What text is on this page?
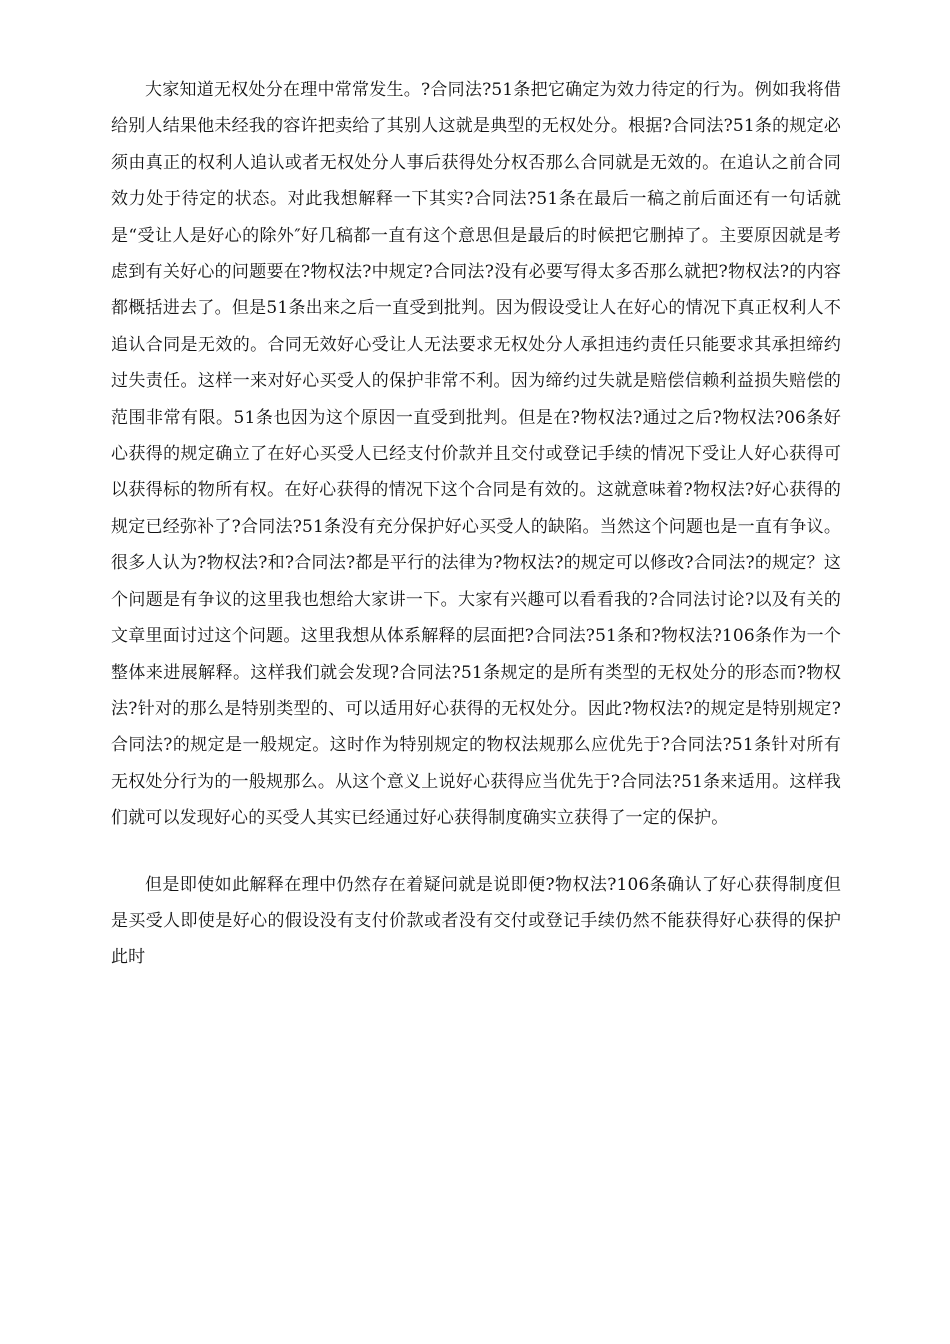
大家知道无权处分在理中常常发生。?合同法?51条把它确定为效力待定的行为。例如我将借给别人结果他未经我的容许把卖给了其别人这就是典型的无权处分。根据?合同法?51条的规定必须由真正的权利人追认或者无权处分人事后获得处分权否那么合同就是无效的。在追认之前合同效力处于待定的状态。对此我想解释一下其实?合同法?51条在最后一稿之前后面还有一句话就是“受让人是好心的除外″好几稿都一直有这个意思但是最后的时候把它删掉了。主要原因就是考虑到有关好心的问题要在?物权法?中规定?合同法?没有必要写得太多否那么就把?物权法?的内容都概括进去了。但是51条出来之后一直受到批判。因为假设受让人在好心的情况下真正权利人不追认合同是无效的。合同无效好心受让人无法要求无权处分人承担违约责任只能要求其承担缔约过失责任。这样一来对好心买受人的保护非常不利。因为缔约过失就是赔偿信赖利益损失赔偿的范围非常有限。51条也因为这个原因一直受到批判。但是在?物权法?通过之后?物权法?06条好心获得的规定确立了在好心买受人已经支付价款并且交付或登记手续的情况下受让人好心获得可以获得标的物所有权。在好心获得的情况下这个合同是有效的。这就意味着?物权法?好心获得的规定已经弥补了?合同法?51条没有充分保护好心买受人的缺陷。当然这个问题也是一直有争议。很多人认为?物权法?和?合同法?都是平行的法律为?物权法?的规定可以修改?合同法?的规定？这个问题是有争议的这里我也想给大家讲一下。大家有兴趣可以看看我的?合同法讨论?以及有关的文章里面讨过这个问题。这里我想从体系解释的层面把?合同法?51条和?物权法?106条作为一个整体来进展解释。这样我们就会发现?合同法?51条规定的是所有类型的无权处分的形态而?物权法?针对的那么是特别类型的、可以适用好心获得的无权处分。因此?物权法?的规定是特别规定?合同法?的规定是一般规定。这时作为特别规定的物权法规那么应优先于?合同法?51条针对所有无权处分行为的一般规那么。从这个意义上说好心获得应当优先于?合同法?51条来适用。这样我们就可以发现好心的买受人其实已经通过好心获得制度确实立获得了一定的保护。

但是即使如此解释在理中仍然存在着疑问就是说即便?物权法?106条确认了好心获得制度但是买受人即使是好心的假设没有支付价款或者没有交付或登记手续仍然不能获得好心获得的保护此时
